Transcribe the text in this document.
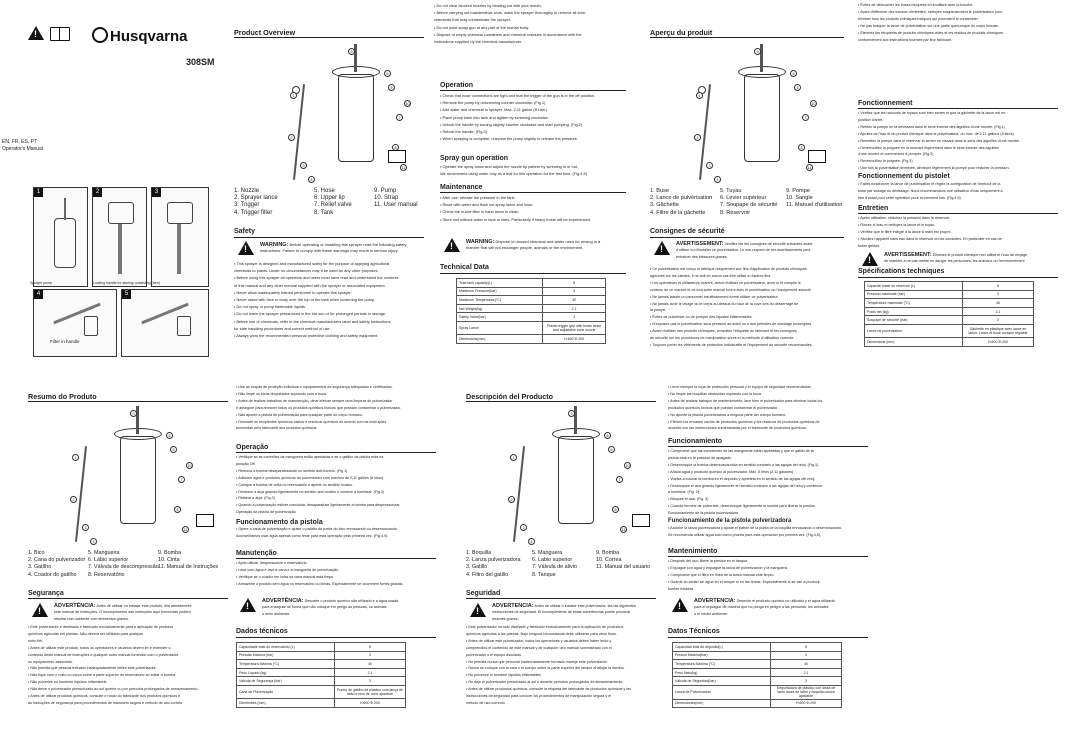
!
Husqvarna
308SM
EN, FR, ES, PT
Operator's Manual
1	2	3
Sprayer pump	Locking handle for storing/ untwisting (turn)
4	5
Filter in handle
Product Overview
1
2
3
4
5
6
7
8
9
10
11
1. Nozzle
2. Sprayer lance
3. Trigger
4. Trigger filter
5. Hose
6. Upper lip
7. Relief valve
8. Tank
9. Pump
10. Strap
11. User manual
Safety
!
WARNING: Before operating or installing this sprayer read the following safety
instructions. Failure to comply with these warnings may result in serious injury.
• This sprayer is designed and manufactured solely for the purpose of applying agricultural
chemicals to plants. Under no circumstances may it be used for any other purposes.
• Before using this sprayer all operators and users must have read and understand the contents
of this manual and any other manual supplied with the sprayer or associated equipment.
• Never allow inadequately trained personnel to operate this sprayer.
• Never stand with face or body over the top of the tank when loosening the pump.
• Do not spray or pump flammable liquids.
• Do not leave the sprayer pressurized in the hot sun or for prolonged periods in storage.
• Before use of chemicals, refer to the chemical manufacturers label and safety instructions
for safe handling procedures and correct method of use.
• Always wear the recommended personal protective clothing and safety equipment.
• Do not clear blocked nozzles by blowing out with your mouth.
• Before carrying out maintenance work, wash the sprayer thoroughly to remove all toxic
chemicals that may contaminate the sprayer.
• Do not point spray gun at any part of the human body.
• Dispose of empty chemical containers and chemical residues in accordance with the
instructions supplied by the chemical manufacturer.
Operation
• Check that hose connections are tight and that the trigger of the gun is in the off position.
• Remove the pump by unscrewing counter clockwise. (Fig.1)
• Add water and chemical to sprayer. Max. 2,11 gallon (8 Liter).
• Place pump back into tank and tighten by screwing clockwise.
• Unlock the handle by turning slightly counter clockwise and start pumping. (Fig.2)
• Relock the handle. (Fig.3)
• When spraying is complete, unscrew the pump slightly to release the pressure.
Spray gun operation
• Operate the spray lance and adjust the nozzle tip pattern by screwing in or out.
We recommend using water only as a trial for this operation for the first time. (Fig.4,5)
Maintenance
• After use, release the pressure in the tank.
• Rinse with water and flush out spray lance and hose.
• Check the in-line filter in hand lance is clean.
• Store unit without water in tank or lines. Particularly if heavy frosts will be experienced.
!
WARNING: Dispose of unused chemical and water used for rinsing in a
manner that will not endanger people, animals or the environment.
Technical Data
Total tank capacity(L)	8
Maximum Pressure(bar)	3
Maximum Temperature(°C)	40
Net Weight(kg)	2.1
Safety Valve(bar)	3
Spray Lance	Plastic trigger grip with brass lance and adjustable cone nozzle
Dimensions(mm)	H:600 Φ:200
Aperçu du produit
1
2
3
4
5
6
7
8
9
10
11
1. Buse
2. Lance de pulvérisation
3. Gâchette
4. Filtre de la gâchette
5. Tuyau
6. Levier supérieur
7. Soupape de sécurité
8. Réservoir
9. Pompe
10. Sangle
11. Manuel d'utilisation
Consignes de sécurité
!
AVERTISSEMENT: Veuillez lire les consignes de sécurité suivantes avant
d'utiliser ou d'installer ce pulvérisateur. Le non-respect de ces avertissements peut
entraîner des blessures graves.
• Ce pulvérisateur est conçu et fabriqué uniquement aux fins d'application de produits chimiques
agricoles sur les plantes. Il ne doit en aucun cas être utilisé à d'autres fins.
• Les opérateurs et utilisateurs doivent, avant d'utiliser ce pulvérisateur, avoir lu et compris le
contenu de ce manuel et de tout autre manuel fourni avec le pulvérisateur ou l'équipement associé.
• Ne jamais laisser un personnel insuffisamment formé utiliser ce pulvérisateur.
• Ne jamais avoir le visage ou le corps au-dessus du haut de la cuve lors du desserrage de
la pompe.
• Évitez de pulvériser ou de pomper des liquides inflammables.
• N'exposez pas le pulvérisateur sous pression au soleil ou à des périodes de stockage prolongées.
• Avant d'utiliser des produits chimiques, consultez l'étiquette du fabricant et les consignes
de sécurité sur les procédures de manipulation sûres et la méthode d'utilisation correcte.
• Toujours porter les vêtements de protection individuelle et l'équipement de sécurité recommandés.
• Évitez de déboucher les buses bloquées en soufflant avec la bouche.
• Avant d'effectuer des travaux d'entretien, nettoyez soigneusement le pulvérisateur pour
éliminer tous les produits chimiques toxiques qui pourraient le contaminer.
• Ne pas braquer la lance de pulvérisation sur une partie quelconque du corps humain.
• Éliminez les récipients de produits chimiques vides et les résidus de produits chimiques
conformément aux instructions fournies par leur fabricant.
Fonctionnement
• Vérifiez que les raccords de tuyaux sont bien serrés et que la gâchette de la lance est en
position d'arrêt.
• Retirez la pompe en la dévissant dans le sens inverse des aiguilles d'une montre. (Fig.1)
• Ajoutez de l'eau et du produit chimique dans le pulvérisateur, ou max. de 2,11 gallons (8 litres).
• Remettez la pompe dans le réservoir et serrez en vissant dans le sens des aiguilles d'une montre.
• Déverrouillez la poignée en la tournant légèrement dans le sens inverse des aiguilles
d'une montre et commencez à pomper. (Fig.2)
• Reverrouillez la poignée. (Fig.3)
• Une fois la pulvérisation terminée, dévissez légèrement la pompe pour relâcher la pression.
Fonctionnement du pistolet
• Faites fonctionner la lance de pulvérisation et réglez la configuration de l'embout de la
buse par vissage ou dévissage. Nous recommandons une utilisation d'eau uniquement à
titre d'essai pour cette opération pour la première fois. (Fig.4,5)
Entretien
• Après utilisation, relâchez la pression dans le réservoir.
• Rincez à l'eau et nettoyez la lance et le tuyau.
• Vérifiez que le filtre intégré à la lance à main est propre.
• Stockez l'appareil sans eau dans le réservoir ou les conduites. En particulier en cas de
fortes gelées.
!
AVERTISSEMENT: Éliminez le produit chimique non utilisé et l'eau de rinçage
de manière à ne pas mettre en danger les personnes, les animaux ou l'environnement.
Spécifications techniques
Capacité totale du réservoir (L)	8
Pression maximale (bar)	3
Température maximale (°C)	40
Poids net (kg)	2.1
Soupape de sécurité (bar)	3
Lance de pulvérisation	Gâchette en plastique avec lance en laiton. Lance et buse conique réglable
Dimensions (mm)	H:600 Φ:200
Resumo do Produto
1
2
3
4
5
6
7
8
9
10
11
1. Bico
2. Cana do pulverizador
3. Gatilho
4. Coador do gatilho
5. Mangueira
6. Lábio superior
7. Válvula de descompressão
8. Reservatório
9. Bomba
10. Cinta
11. Manual de Instruções
Segurança
!
ADVERTÊNCIA: Antes de utilizar ou instalar este produto, leia atentamente
este manual de instruções. O incumprimento das instruções aqui fornecidas poderá
resultar num acidente com ferimentos graves.
• Este pulverizador é destinado e fabricado exclusivamente para a aplicação de produtos
químicos agrícolas em plantas. Não deverá ser utilizado para qualquer
outro fim.
• Antes de utilizar este produto, todos os operadores e usuários devem ler e entender o
conteúdo deste manual de instruções e qualquer outro manual fornecido com o pulverizador
ou equipamento associado.
• Não permita que pessoal treinado inadequadamente utilize este pulverizador.
• Não fique com o rosto ou corpo sobre a parte superior do reservatório ao soltar a bomba.
• Não pulverize ou bombeie líquidos inflamáveis.
• Não deixe o pulverizador pressurizado ao sol quente ou por períodos prolongados de armazenamento.
• Antes de utilizar produtos químicos, consulte o rótulo do fabricante dos produtos químicos e
as instruções de segurança para procedimentos de manuseio seguro e método de uso correto.
• Use as roupas de proteção individual e equipamentos de segurança adequados e certificados.
• Não limpe os bicos bloqueados soprando com a boca.
• Antes de realizar trabalhos de manutenção, deve efetuar sempre uma limpeza do pulverizador
e assegure para remover todos os produtos químicos tóxicos que possam contaminar o pulverizador.
• Não aponte a pistola de pulverização para qualquer parte do corpo humano.
• Descarte os recipientes químicos vazios e resíduos químicos de acordo com as instruções
fornecidas pelo fabricante dos produtos químicos.
Operação
• Verifique se as conexões da mangueira estão apertadas e se o gatilho da pistola está na
posição Off.
• Remova a bomba desaparafusando no sentido anti-horário. (Fig.1)
• Adicione água e produtos químicos ao pulverizador com máximo de 2,11 galões (8 litros).
• Coloque a bomba de volta no reservatório e aperte no sentido horário.
• Destrave a alça girando ligeiramente no sentido anti-horário e comece a bombear. (Fig.2)
• Retrave a alça. (Fig.3)
• Quando a pulverização estiver concluída, desaparafuse ligeiramente a bomba para despressurizar.
Operação da pistola de pulverização
Funcionamento da pistola
• Opere a cana de pulverização e ajuste o padrão da ponta do bico enroscando ou desenroscando.
Aconselhamos usar água apenas como teste para esta operação pela primeira vez. (Fig.4,5)
Manutenção
• Após utilizar, despressurize o reservatório.
• Lave com água e lave a cana e a mangueira de pulverização.
• Verifique se o coador em linha na cana manual está limpo.
• Armazene o produto sem água no reservatório ou linhas. Especialmente se ocorrerem fortes geadas.
!
ADVERTÊNCIA: Descarte o produto químico não utilizado e a água usada
para enxaguar de forma que não coloque em perigo as pessoas, os animais
o meio ambiente.
Dados técnicos
Capacidade total do reservatório (L)	8
Pressão Máxima (bar)	3
Temperatura Máxima (°C)	40
Peso Líquido (kg)	2,1
Válvula de Segurança (bar)	3
Cana de Pulverização	Punho de gatilho de plástico com lança de latão e bico de cone ajustável
Dimensões (mm)	H:600 Φ:200
Descripción del Producto
1
2
3
4
5
6
7
8
9
10
11
1. Boquilla
2. Lanza pulverizadora
3. Gatillo
4. Filtro del gatillo
5. Manguera
6. Labio superior
7. Válvula de alivio
8. Tanque
9. Bomba
10. Correa
11. Manual del usuario
Seguridad
!
ADVERTENCIA: Antes de utilizar o instalar este pulverizador, lea las siguientes
instrucciones de seguridad. El incumplimiento de estas advertencias puede provocar
lesiones graves.
• Este pulverizador ha sido diseñado y fabricado exclusivamente para la aplicación de productos
químicos agrícolas a las plantas. Bajo ninguna circunstancia debe utilizarse para otros fines.
• Antes de utilizar este pulverizador, todos los operadores y usuarios deben haber leído y
comprendido el contenido de este manual y de cualquier otro manual suministrado con el
pulverizador o el equipo asociado.
• No permita nunca que personal inadecuadamente formado maneje este pulverizador.
• Nunca se coloque con la cara o el cuerpo sobre la parte superior del tanque al aflojar la bomba.
• No pulverice ni bombee líquidos inflamables.
• No deje el pulverizador presurizado al sol o durante períodos prolongados de almacenamiento.
• Antes de utilizar productos químicos, consulte la etiqueta del fabricante de productos químicos y las
instrucciones de seguridad para conocer los procedimientos de manipulación segura y el
método de uso correcto.
• Lleve siempre la ropa de protección personal y el equipo de seguridad recomendados.
• No limpie las boquillas obstruidas soplando con la boca.
• Antes de realizar trabajos de mantenimiento, lave bien el pulverizador para eliminar todos los
productos químicos tóxicos que puedan contaminar el pulverizador.
• No apunte la pistola pulverizadora a ninguna parte del cuerpo humano.
• Elimine los envases vacíos de productos químicos y los residuos de productos químicos de
acuerdo con las instrucciones suministradas por el fabricante de productos químicos.
Funcionamiento
• Compruebe que las conexiones de las mangueras están apretadas y que el gatillo de la
pistola está en la posición de apagado.
• Desenrosque la bomba desenroscándola en sentido contrario a las agujas del reloj. (Fig.1)
• Añada agua y producto químico al pulverizador. Máx. 8 litros (2,11 galones).
• Vuelva a colocar la bomba en el depósito y apriétela en el sentido de las agujas del reloj.
• Desbloquee el asa girando ligeramente en sentido contrario a las agujas del reloj y comience
a bombear. (Fig. 2)
• Bloquee el asa. (Fig. 3)
• Cuando termine de pulverizar, desenrosque ligeramente la bomba para liberar la presión.
Funcionamiento de la pistola pulverizadora
Funcionamiento de la pistola pulverizadora
• Accione la lanza pulverizadora y ajuste el patrón de la punta de la boquilla enroscando o desenroscando.
Se recomienda utilizar agua sólo como prueba para esta operación por primera vez. (Fig.4,5).
Mantenimiento
• Después del uso, libere la presión en el tanque.
• Enjuague con agua y enjuague la lanza de pulverización y la manguera.
• Compruebe que el filtro en línea de la lanza manual esté limpio.
• Guarde la unidad sin agua en el tanque ni en las líneas. Especialmente si se van a producir
fuertes heladas.
!
ADVERTENCIA: Deseche el producto químico no utilizado y el agua utilizada
para el enjuague de manera que no ponga en peligro a las personas, los animales
o el medio ambiente.
Datos Técnicos
Capacidad total de depósito(L)	8
Presión Máxima(bar)	3
Temperatura Máxima (°C)	40
Peso Neto(kg)	2.1
Válvula de Seguridad(bar)	3
Lanza de Pulverización	Empuñadura de plástico con lanza de latón lanza de latón y boquilla cónica ajustable
Dimensiones(mm)	H:600 Φ:200
